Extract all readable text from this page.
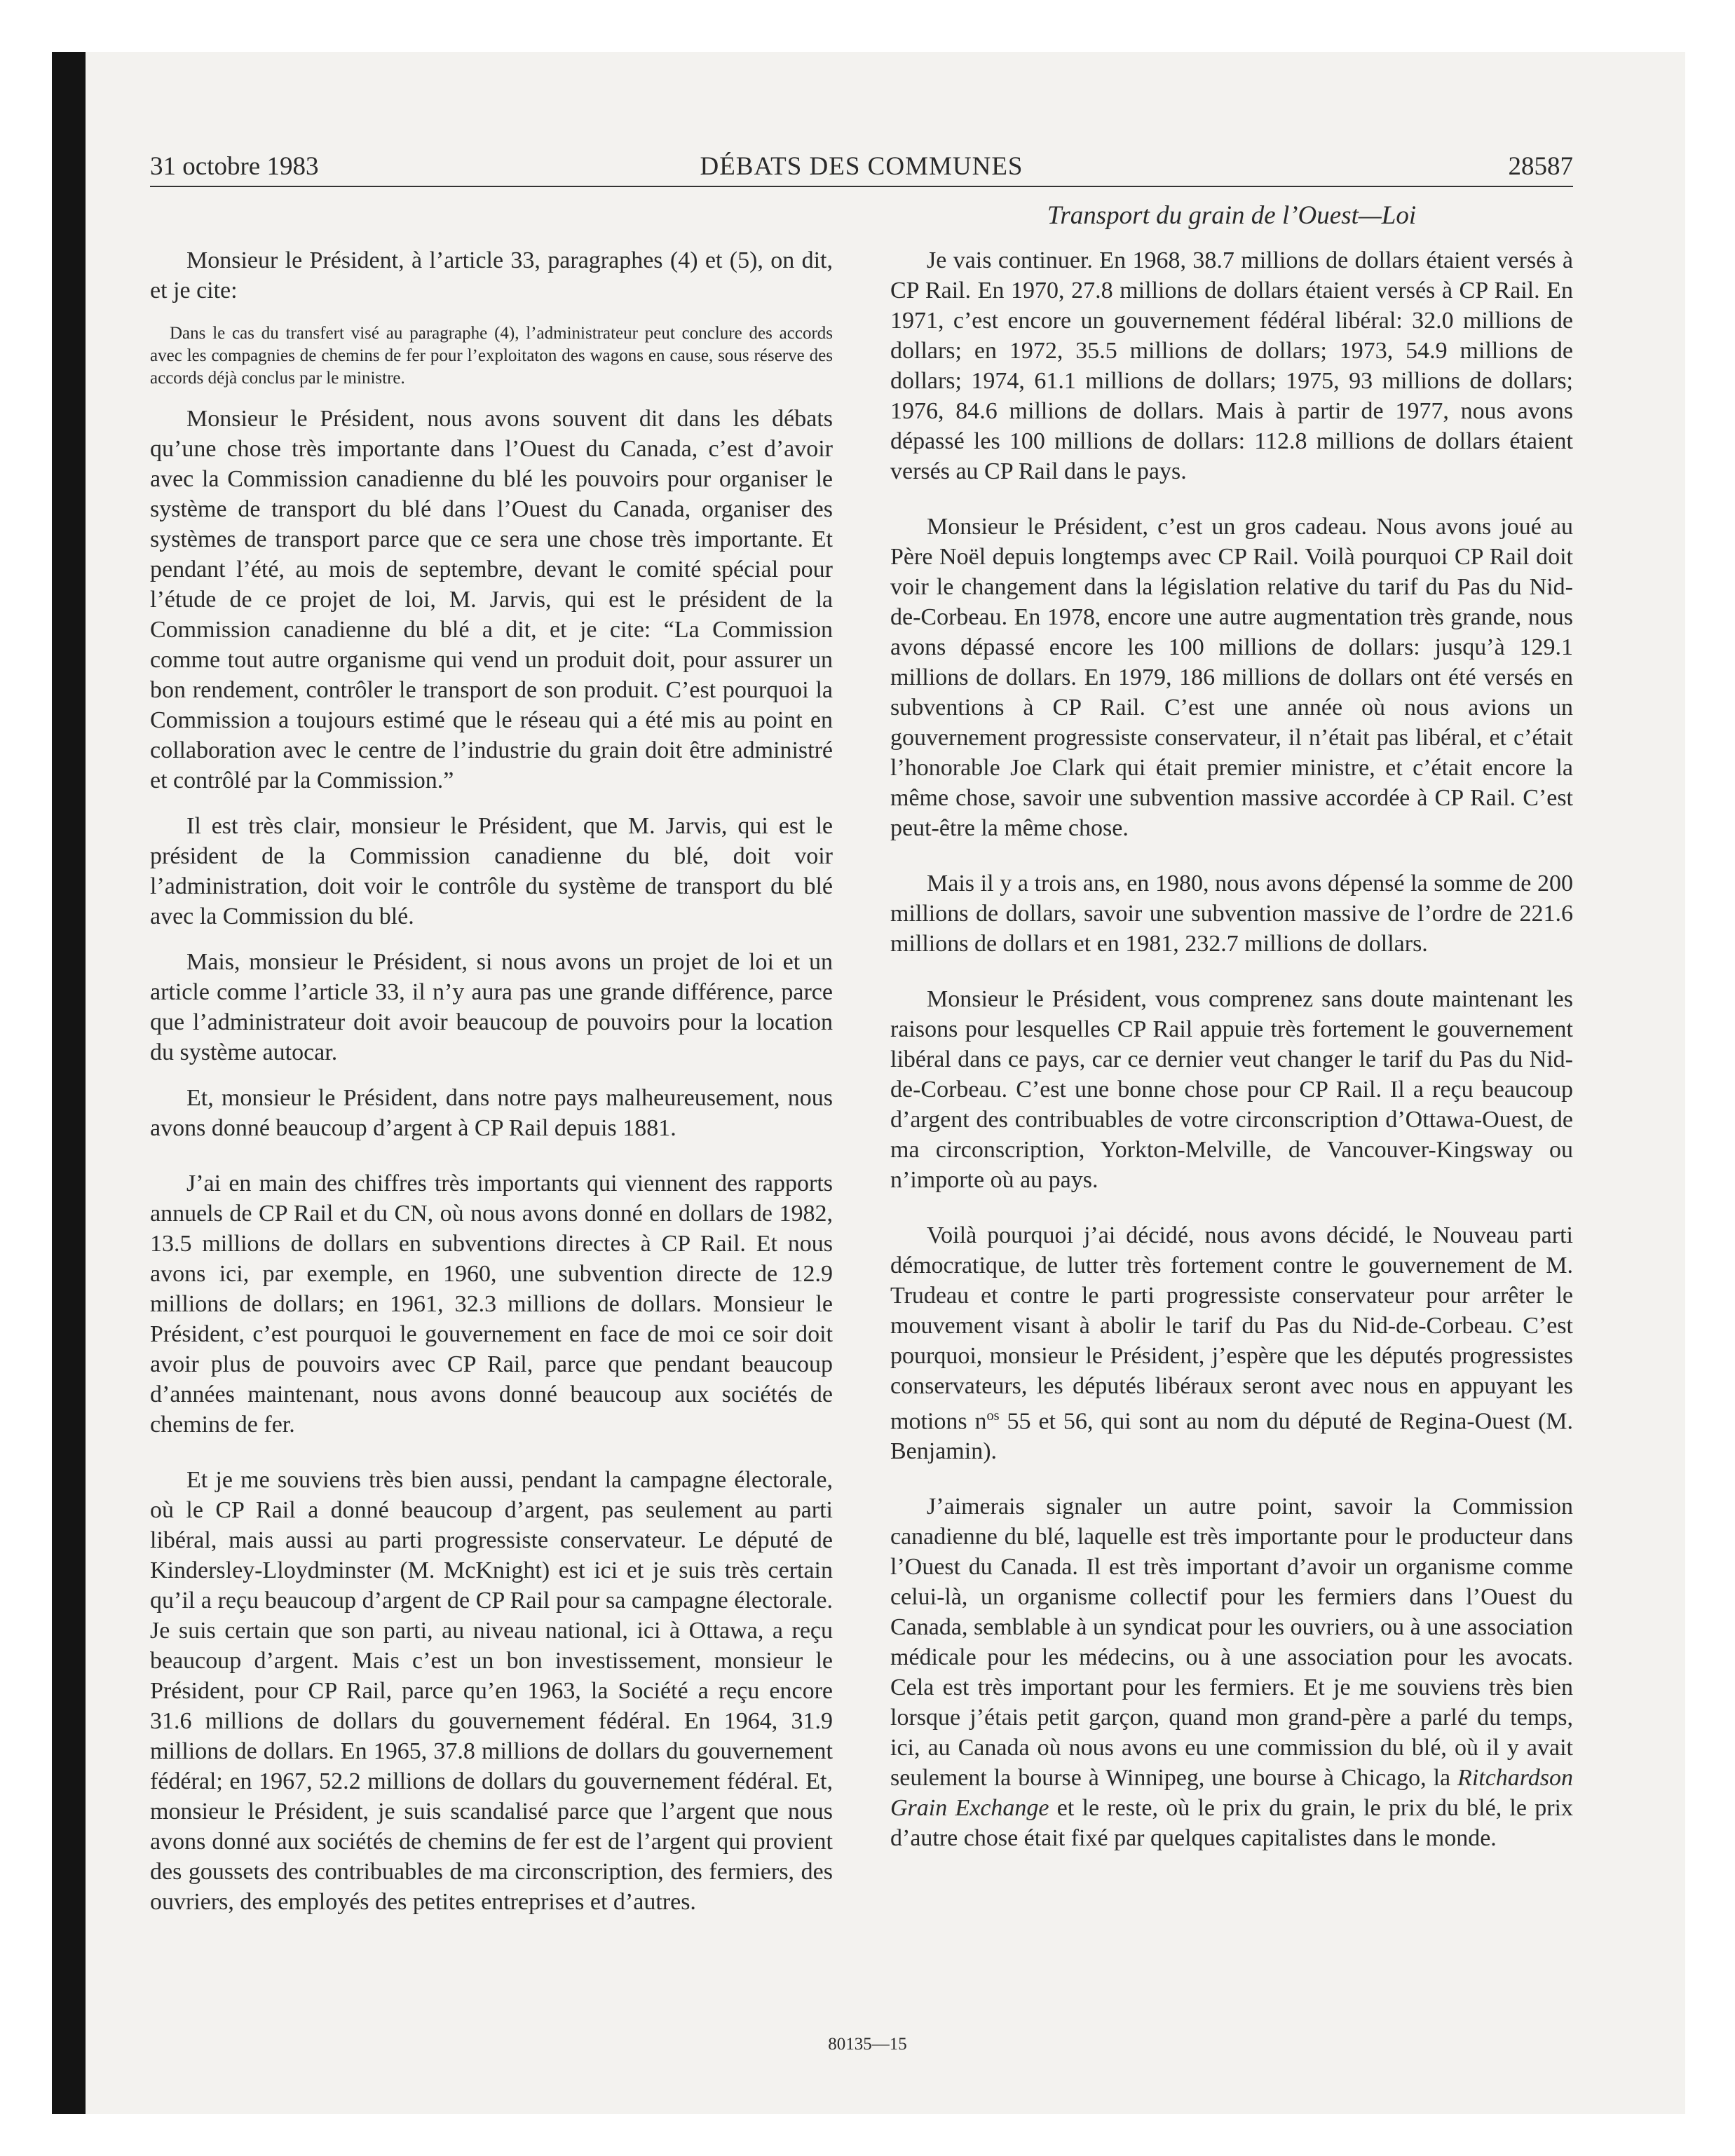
31 octobre 1983	DÉBATS DES COMMUNES	28587
Transport du grain de l’Ouest—Loi

Monsieur le Président, à l’article 33, paragraphes (4) et (5), on dit, et je cite:

Dans le cas du transfert visé au paragraphe (4), l’administrateur peut conclure des accords avec les compagnies de chemins de fer pour l’exploitaton des wagons en cause, sous réserve des accords déjà conclus par le ministre.

Monsieur le Président, nous avons souvent dit dans les débats qu’une chose très importante dans l’Ouest du Canada, c’est d’avoir avec la Commission canadienne du blé les pouvoirs pour organiser le système de transport du blé dans l’Ouest du Canada, organiser des systèmes de transport parce que ce sera une chose très importante. Et pendant l’été, au mois de septembre, devant le comité spécial pour l’étude de ce projet de loi, M. Jarvis, qui est le président de la Commission canadienne du blé a dit, et je cite: “La Commission comme tout autre organisme qui vend un produit doit, pour assurer un bon rendement, contrôler le transport de son produit. C’est pourquoi la Commission a toujours estimé que le réseau qui a été mis au point en collaboration avec le centre de l’industrie du grain doit être administré et contrôlé par la Commission.”

Il est très clair, monsieur le Président, que M. Jarvis, qui est le président de la Commission canadienne du blé, doit voir l’administration, doit voir le contrôle du système de transport du blé avec la Commission du blé.

Mais, monsieur le Président, si nous avons un projet de loi et un article comme l’article 33, il n’y aura pas une grande différence, parce que l’administrateur doit avoir beaucoup de pouvoirs pour la location du système autocar.

Et, monsieur le Président, dans notre pays malheureusement, nous avons donné beaucoup d’argent à CP Rail depuis 1881.

J’ai en main des chiffres très importants qui viennent des rapports annuels de CP Rail et du CN, où nous avons donné en dollars de 1982, 13.5 millions de dollars en subventions directes à CP Rail. Et nous avons ici, par exemple, en 1960, une subvention directe de 12.9 millions de dollars; en 1961, 32.3 millions de dollars. Monsieur le Président, c’est pourquoi le gouvernement en face de moi ce soir doit avoir plus de pouvoirs avec CP Rail, parce que pendant beaucoup d’années maintenant, nous avons donné beaucoup aux sociétés de chemins de fer.

Et je me souviens très bien aussi, pendant la campagne électorale, où le CP Rail a donné beaucoup d’argent, pas seulement au parti libéral, mais aussi au parti progressiste conservateur. Le député de Kindersley-Lloydminster (M. McKnight) est ici et je suis très certain qu’il a reçu beaucoup d’argent de CP Rail pour sa campagne électorale. Je suis certain que son parti, au niveau national, ici à Ottawa, a reçu beaucoup d’argent. Mais c’est un bon investissement, monsieur le Président, pour CP Rail, parce qu’en 1963, la Société a reçu encore 31.6 millions de dollars du gouvernement fédéral. En 1964, 31.9 millions de dollars. En 1965, 37.8 millions de dollars du gouvernement fédéral; en 1967, 52.2 millions de dollars du gouvernement fédéral. Et, monsieur le Président, je suis scandalisé parce que l’argent que nous avons donné aux sociétés de chemins de fer est de l’argent qui provient des goussets des contribuables de ma circonscription, des fermiers, des ouvriers, des employés des petites entreprises et d’autres.

Je vais continuer. En 1968, 38.7 millions de dollars étaient versés à CP Rail. En 1970, 27.8 millions de dollars étaient versés à CP Rail. En 1971, c’est encore un gouvernement fédéral libéral: 32.0 millions de dollars; en 1972, 35.5 millions de dollars; 1973, 54.9 millions de dollars; 1974, 61.1 millions de dollars; 1975, 93 millions de dollars; 1976, 84.6 millions de dollars. Mais à partir de 1977, nous avons dépassé les 100 millions de dollars: 112.8 millions de dollars étaient versés au CP Rail dans le pays.

Monsieur le Président, c’est un gros cadeau. Nous avons joué au Père Noël depuis longtemps avec CP Rail. Voilà pourquoi CP Rail doit voir le changement dans la législation relative du tarif du Pas du Nid-de-Corbeau. En 1978, encore une autre augmentation très grande, nous avons dépassé encore les 100 millions de dollars: jusqu’à 129.1 millions de dollars. En 1979, 186 millions de dollars ont été versés en subventions à CP Rail. C’est une année où nous avions un gouvernement progressiste conservateur, il n’était pas libéral, et c’était l’honorable Joe Clark qui était premier ministre, et c’était encore la même chose, savoir une subvention massive accordée à CP Rail. C’est peut-être la même chose.

Mais il y a trois ans, en 1980, nous avons dépensé la somme de 200 millions de dollars, savoir une subvention massive de l’ordre de 221.6 millions de dollars et en 1981, 232.7 millions de dollars.

Monsieur le Président, vous comprenez sans doute maintenant les raisons pour lesquelles CP Rail appuie très fortement le gouvernement libéral dans ce pays, car ce dernier veut changer le tarif du Pas du Nid-de-Corbeau. C’est une bonne chose pour CP Rail. Il a reçu beaucoup d’argent des contribuables de votre circonscription d’Ottawa-Ouest, de ma circonscription, Yorkton-Melville, de Vancouver-Kingsway ou n’importe où au pays.

Voilà pourquoi j’ai décidé, nous avons décidé, le Nouveau parti démocratique, de lutter très fortement contre le gouvernement de M. Trudeau et contre le parti progressiste conservateur pour arrêter le mouvement visant à abolir le tarif du Pas du Nid-de-Corbeau. C’est pourquoi, monsieur le Président, j’espère que les députés progressistes conservateurs, les députés libéraux seront avec nous en appuyant les motions $n^{os}$ 55 et 56, qui sont au nom du député de Regina-Ouest (M. Benjamin).

J’aimerais signaler un autre point, savoir la Commission canadienne du blé, laquelle est très importante pour le producteur dans l’Ouest du Canada. Il est très important d’avoir un organisme comme celui-là, un organisme collectif pour les fermiers dans l’Ouest du Canada, semblable à un syndicat pour les ouvriers, ou à une association médicale pour les médecins, ou à une association pour les avocats. Cela est très important pour les fermiers. Et je me souviens très bien lorsque j’étais petit garçon, quand mon grand-père a parlé du temps, ici, au Canada où nous avons eu une commission du blé, où il y avait seulement la bourse à Winnipeg, une bourse à Chicago, la Ritchardson Grain Exchange et le reste, où le prix du grain, le prix du blé, le prix d’autre chose était fixé par quelques capitalistes dans le monde.

80135—15
